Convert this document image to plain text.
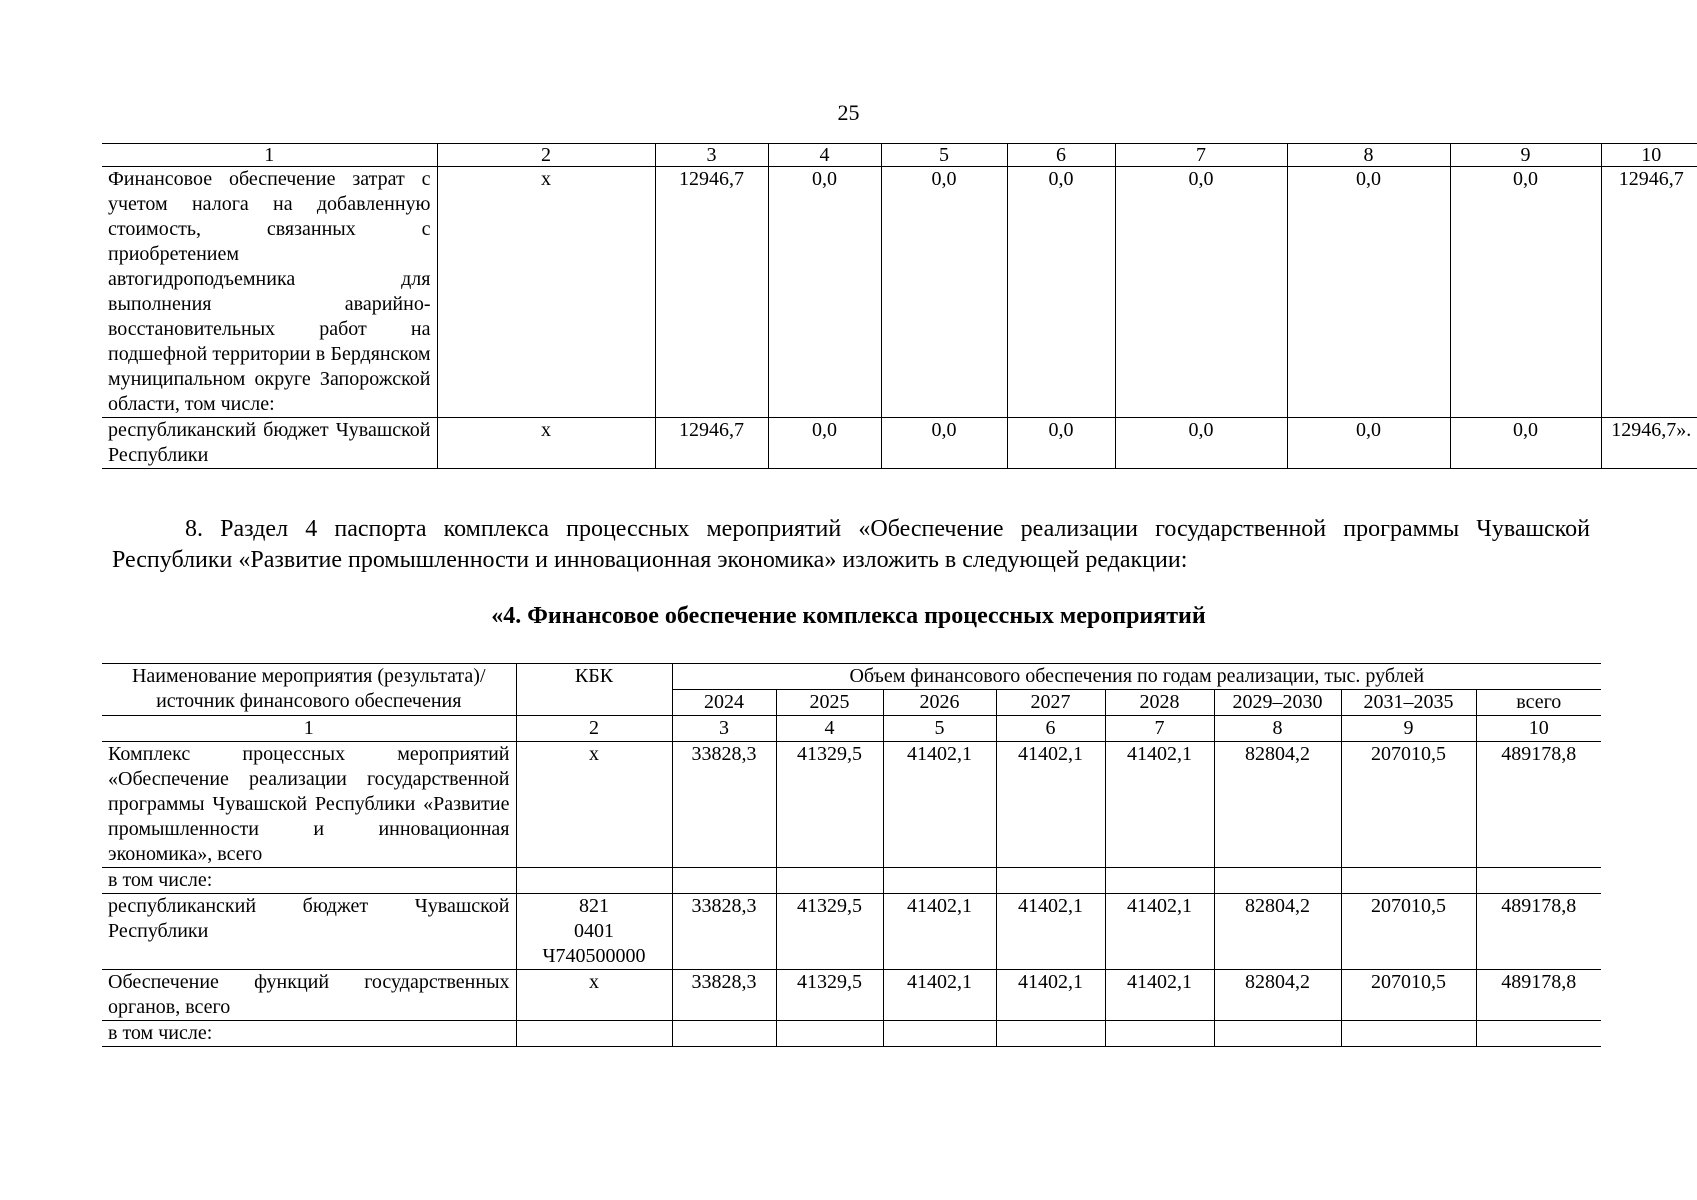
25
1	2	3	4	5	6	7	8	9	10
Финансовое обеспечение затрат с учетом налога на добавленную стоимость, связанных с приобретением автогидроподъемника для выполнения аварийно-восстановительных работ на подшефной территории в Бердянском муниципальном округе Запорожской области, том числе:	х	12946,7	0,0	0,0	0,0	0,0	0,0	0,0	12946,7
республиканский бюджет Чувашской Республики	х	12946,7	0,0	0,0	0,0	0,0	0,0	0,0	12946,7».
8. Раздел 4 паспорта комплекса процессных мероприятий «Обеспечение реализации государственной программы Чувашской Республики «Развитие промышленности и инновационная экономика» изложить в следующей редакции:
«4. Финансовое обеспечение комплекса процессных мероприятий
Наименование мероприятия (результата)/источник финансового обеспечения	КБК	Объем финансового обеспечения по годам реализации, тыс. рублей							
		2024	2025	2026	2027	2028	2029–2030	2031–2035	всего
1	2	3	4	5	6	7	8	9	10
Комплекс процессных мероприятий «Обеспечение реализации государственной программы Чувашской Республики «Развитие промышленности и инновационная экономика», всего	х	33828,3	41329,5	41402,1	41402,1	41402,1	82804,2	207010,5	489178,8
в том числе:									
республиканский бюджет Чувашской Республики	821
0401
Ч740500000	33828,3	41329,5	41402,1	41402,1	41402,1	82804,2	207010,5	489178,8
Обеспечение функций государственных органов, всего	х	33828,3	41329,5	41402,1	41402,1	41402,1	82804,2	207010,5	489178,8
в том числе:									
